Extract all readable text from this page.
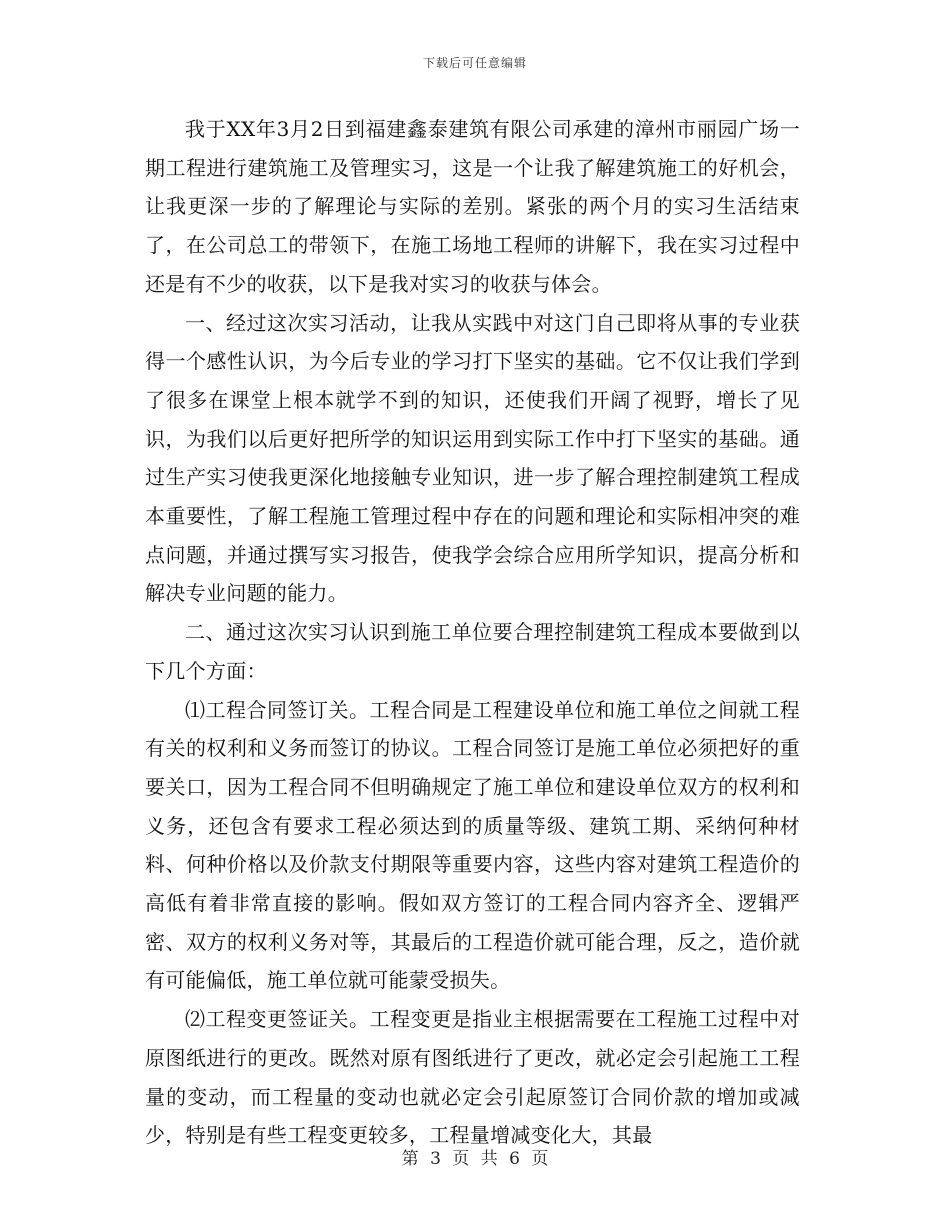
下载后可任意编辑

我于XX年3月2日到福建鑫泰建筑有限公司承建的漳州市丽园广场一期工程进行建筑施工及管理实习，这是一个让我了解建筑施工的好机会，让我更深一步的了解理论与实际的差别。紧张的两个月的实习生活结束了，在公司总工的带领下，在施工场地工程师的讲解下，我在实习过程中还是有不少的收获，以下是我对实习的收获与体会。

一、经过这次实习活动，让我从实践中对这门自己即将从事的专业获得一个感性认识，为今后专业的学习打下坚实的基础。它不仅让我们学到了很多在课堂上根本就学不到的知识，还使我们开阔了视野，增长了见识，为我们以后更好把所学的知识运用到实际工作中打下坚实的基础。通过生产实习使我更深化地接触专业知识，进一步了解合理控制建筑工程成本重要性，了解工程施工管理过程中存在的问题和理论和实际相冲突的难点问题，并通过撰写实习报告，使我学会综合应用所学知识，提高分析和解决专业问题的能力。

二、通过这次实习认识到施工单位要合理控制建筑工程成本要做到以下几个方面：

⑴工程合同签订关。工程合同是工程建设单位和施工单位之间就工程有关的权利和义务而签订的协议。工程合同签订是施工单位必须把好的重要关口，因为工程合同不但明确规定了施工单位和建设单位双方的权利和义务，还包含有要求工程必须达到的质量等级、建筑工期、采纳何种材料、何种价格以及价款支付期限等重要内容，这些内容对建筑工程造价的高低有着非常直接的影响。假如双方签订的工程合同内容齐全、逻辑严密、双方的权利义务对等，其最后的工程造价就可能合理，反之，造价就有可能偏低，施工单位就可能蒙受损失。

⑵工程变更签证关。工程变更是指业主根据需要在工程施工过程中对原图纸进行的更改。既然对原有图纸进行了更改，就必定会引起施工工程量的变动，而工程量的变动也就必定会引起原签订合同价款的增加或减少，特别是有些工程变更较多，工程量增减变化大，其最

第 3 页 共 6 页
